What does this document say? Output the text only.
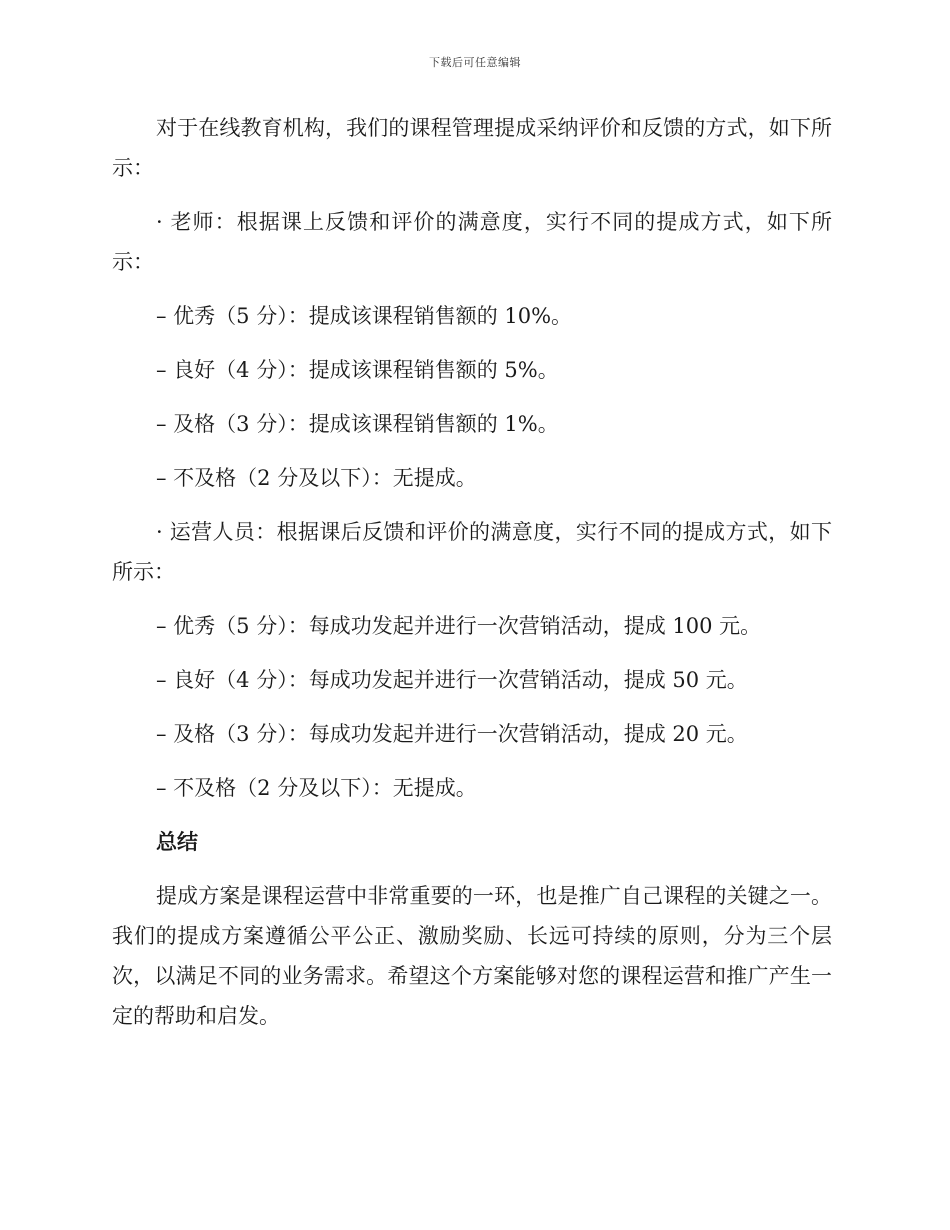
下载后可任意编辑

对于在线教育机构，我们的课程管理提成采纳评价和反馈的方式，如下所示：

· 老师：根据课上反馈和评价的满意度，实行不同的提成方式，如下所示：

– 优秀（5 分）：提成该课程销售额的 10%。
– 良好（4 分）：提成该课程销售额的 5%。
– 及格（3 分）：提成该课程销售额的 1%。
– 不及格（2 分及以下）：无提成。

· 运营人员：根据课后反馈和评价的满意度，实行不同的提成方式，如下所示：

– 优秀（5 分）：每成功发起并进行一次营销活动，提成 100 元。
– 良好（4 分）：每成功发起并进行一次营销活动，提成 50 元。
– 及格（3 分）：每成功发起并进行一次营销活动，提成 20 元。
– 不及格（2 分及以下）：无提成。
总结

提成方案是课程运营中非常重要的一环，也是推广自己课程的关键之一。我们的提成方案遵循公平公正、激励奖励、长远可持续的原则，分为三个层次，以满足不同的业务需求。希望这个方案能够对您的课程运营和推广产生一定的帮助和启发。
